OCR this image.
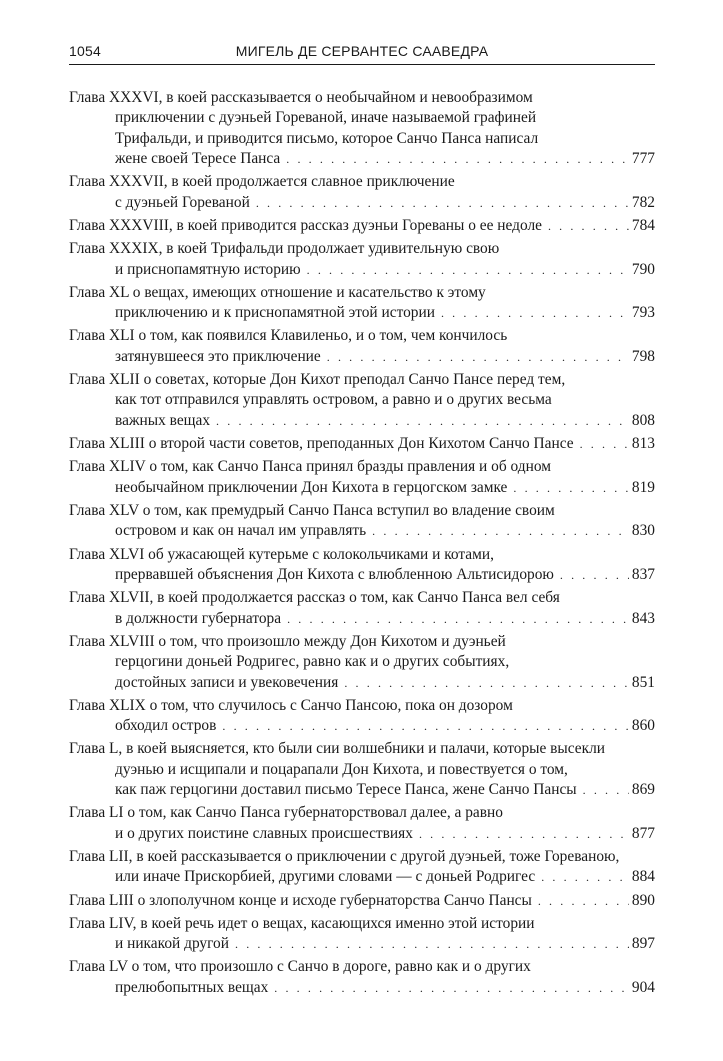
1054	МИГЕЛЬ ДЕ СЕРВАНТЕС СААВЕДРА
Глава XXXVI, в коей рассказывается о необычайном и невообразимом
приключении с дуэньей Гореваной, иначе называемой графиней
Трифальди, и приводится письмо, которое Санчо Панса написал
жене своей Тересе Панса . . .	777
Глава XXXVII, в коей продолжается славное приключение
с дуэньей Гореваной . . .	782
Глава XXXVIII, в коей приводится рассказ дуэньи Гореваны о ее недоле . . .	784
Глава XXXIX, в коей Трифальди продолжает удивительную свою
и приснопамятную историю . . .	790
Глава XL о вещах, имеющих отношение и касательство к этому
приключению и к приснопамятной этой истории . . .	793
Глава XLI о том, как появился Клавиленьо, и о том, чем кончилось
затянувшееся это приключение . . .	798
Глава XLII о советах, которые Дон Кихот преподал Санчо Пансе перед тем,
как тот отправился управлять островом, а равно и о других весьма
важных вещах . . .	808
Глава XLIII о второй части советов, преподанных Дон Кихотом Санчо Пансе . . .	813
Глава XLIV о том, как Санчо Панса принял бразды правления и об одном
необычайном приключении Дон Кихота в герцогском замке . . .	819
Глава XLV о том, как премудрый Санчо Панса вступил во владение своим
островом и как он начал им управлять . . .	830
Глава XLVI об ужасающей кутерьме с колокольчиками и котами,
прервавшей объяснения Дон Кихота с влюбленною Альтисидорою . . .	837
Глава XLVII, в коей продолжается рассказ о том, как Санчо Панса вел себя
в должности губернатора . . .	843
Глава XLVIII о том, что произошло между Дон Кихотом и дуэньей
герцогини доньей Родригес, равно как и о других событиях,
достойных записи и увековечения . . .	851
Глава XLIX о том, что случилось с Санчо Пансою, пока он дозором
обходил остров . . .	860
Глава L, в коей выясняется, кто были сии волшебники и палачи, которые высекли
дуэнью и исщипали и поцарапали Дон Кихота, и повествуется о том,
как паж герцогини доставил письмо Тересе Панса, жене Санчо Пансы . . .	869
Глава LI о том, как Санчо Панса губернаторствовал далее, а равно
и о других поистине славных происшествиях . . .	877
Глава LII, в коей рассказывается о приключении с другой дуэньей, тоже Гореваною,
или иначе Прискорбией, другими словами — с доньей Родригес . . .	884
Глава LIII о злополучном конце и исходе губернаторства Санчо Пансы . . .	890
Глава LIV, в коей речь идет о вещах, касающихся именно этой истории
и никакой другой . . .	897
Глава LV о том, что произошло с Санчо в дороге, равно как и о других
прелюбопытных вещах . . .	904
